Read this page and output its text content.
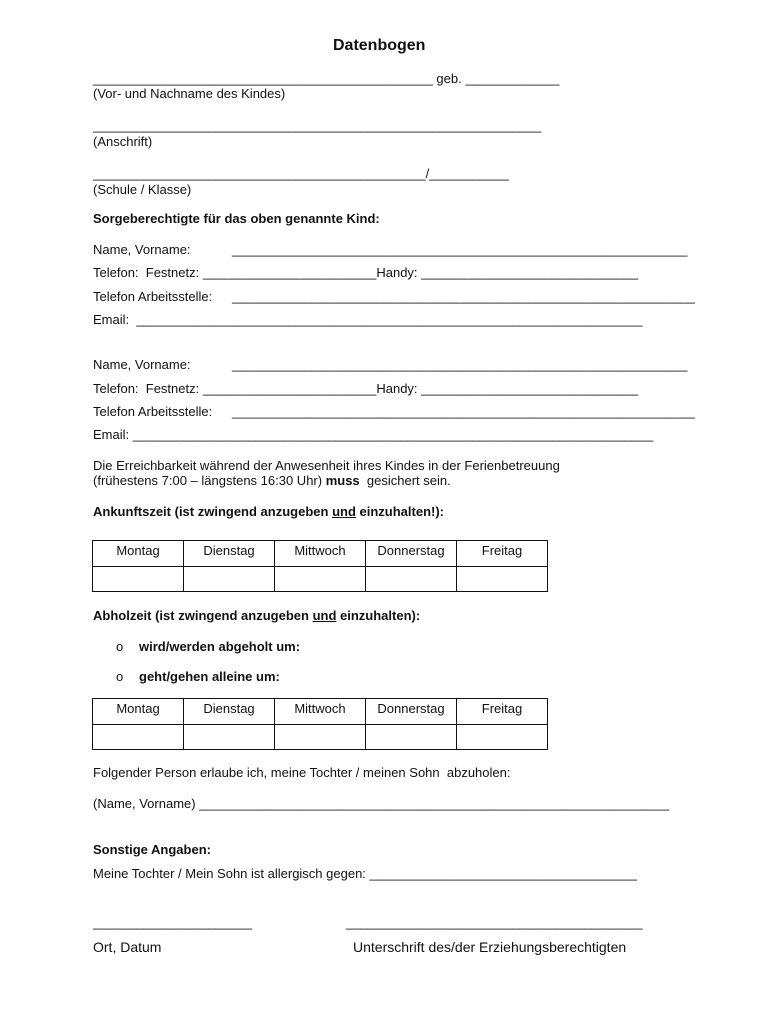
Datenbogen
_______________________________________________ geb. _____________
(Vor- und Nachname des Kindes)
______________________________________________________________
(Anschrift)
______________________________________________/___________
(Schule / Klasse)
Sorgeberechtigte für das oben genannte Kind:
Name, Vorname:	_______________________________________________________________
Telefon:  Festnetz: ________________________Handy: ______________________________
Telefon Arbeitsstelle: ________________________________________________________________
Email:  ______________________________________________________________________
Name, Vorname:	_______________________________________________________________
Telefon:  Festnetz: ________________________Handy: ______________________________
Telefon Arbeitsstelle: ________________________________________________________________
Email: ________________________________________________________________________
Die Erreichbarkeit während der Anwesenheit ihres Kindes in der Ferienbetreuung
(frühestens 7:00 – längstens 16:30 Uhr) muss  gesichert sein.
Ankunftszeit (ist zwingend anzugeben und einzuhalten!):
Montag	Dienstag	Mittwoch	Donnerstag	Freitag

Abholzeit (ist zwingend anzugeben und einzuhalten):
o wird/werden abgeholt um:
o geht/gehen alleine um:
Montag	Dienstag	Mittwoch	Donnerstag	Freitag

Folgender Person erlaube ich, meine Tochter / meinen Sohn  abzuholen:
(Name, Vorname) _________________________________________________________________
Sonstige Angaben:
Meine Tochter / Mein Sohn ist allergisch gegen: _____________________________________
______________________	_________________________________________
Ort, Datum	Unterschrift des/der Erziehungsberechtigten
